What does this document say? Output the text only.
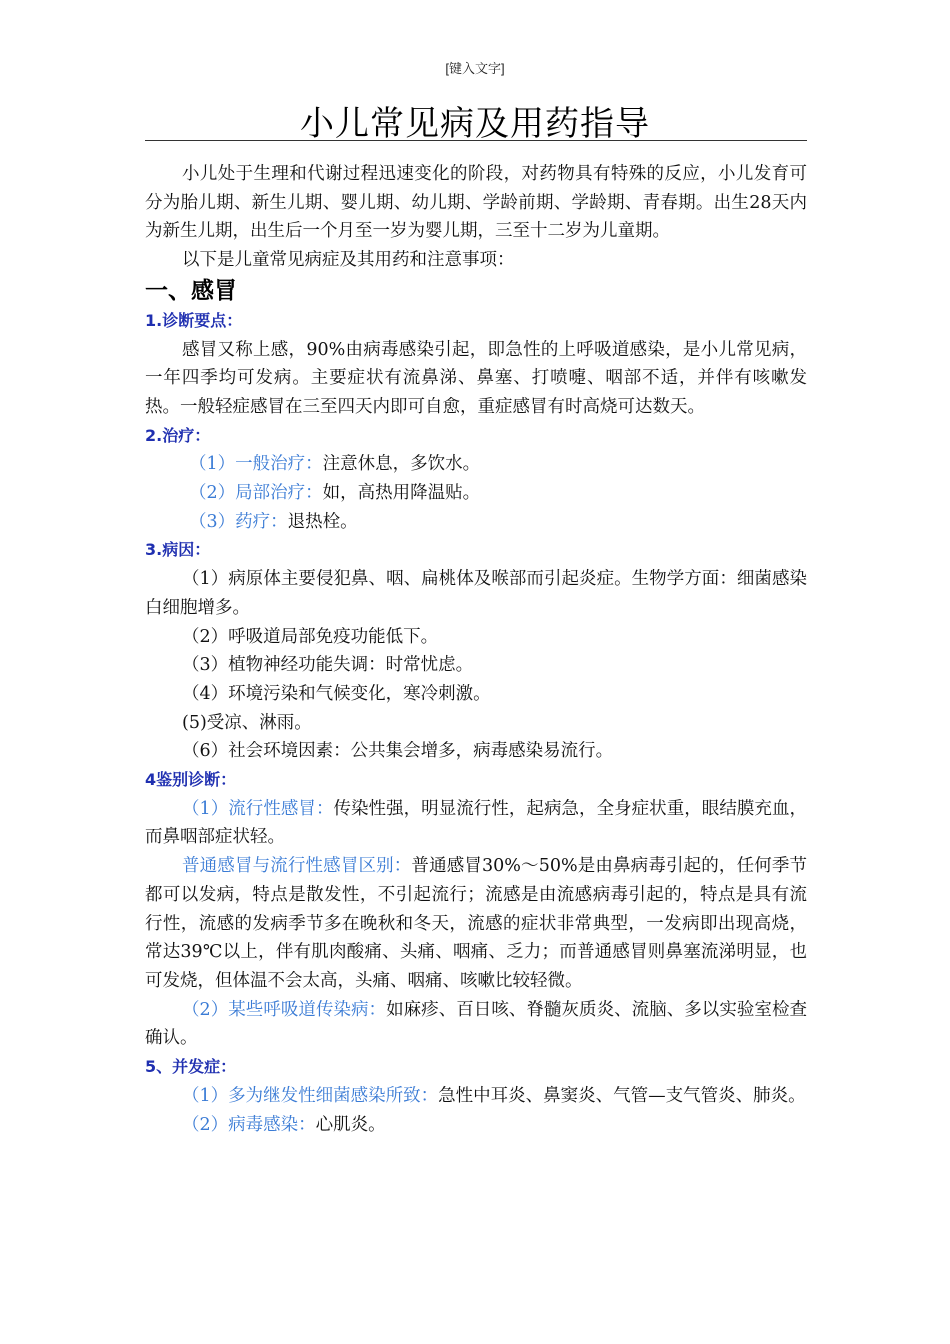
[键入文字]
小儿常见病及用药指导

小儿处于生理和代谢过程迅速变化的阶段，对药物具有特殊的反应，小儿发育可分为胎儿期、新生儿期、婴儿期、幼儿期、学龄前期、学龄期、青春期。出生28天内为新生儿期，出生后一个月至一岁为婴儿期，三至十二岁为儿童期。

以下是儿童常见病症及其用药和注意事项：

一、感冒
1.诊断要点：

感冒又称上感，90%由病毒感染引起，即急性的上呼吸道感染，是小儿常见病，一年四季均可发病。主要症状有流鼻涕、鼻塞、打喷嚏、咽部不适，并伴有咳嗽发热。一般轻症感冒在三至四天内即可自愈，重症感冒有时高烧可达数天。

2.治疗：

（1）一般治疗：注意休息，多饮水。

（2）局部治疗：如，高热用降温贴。

（3）药疗：退热栓。

3.病因：

（1）病原体主要侵犯鼻、咽、扁桃体及喉部而引起炎症。生物学方面：细菌感染白细胞增多。

（2）呼吸道局部免疫功能低下。

（3）植物神经功能失调：时常忧虑。

（4）环境污染和气候变化，寒冷刺激。

(5)受凉、淋雨。

（6）社会环境因素：公共集会增多，病毒感染易流行。

4鉴别诊断：

（1）流行性感冒：传染性强，明显流行性，起病急，全身症状重，眼结膜充血，而鼻咽部症状轻。

普通感冒与流行性感冒区别：普通感冒30%～50%是由鼻病毒引起的，任何季节都可以发病，特点是散发性，不引起流行；流感是由流感病毒引起的，特点是具有流行性，流感的发病季节多在晚秋和冬天，流感的症状非常典型，一发病即出现高烧，常达39℃以上，伴有肌肉酸痛、头痛、咽痛、乏力；而普通感冒则鼻塞流涕明显，也可发烧，但体温不会太高，头痛、咽痛、咳嗽比较轻微。

（2）某些呼吸道传染病：如麻疹、百日咳、脊髓灰质炎、流脑、多以实验室检查确认。

5、并发症：

（1）多为继发性细菌感染所致：急性中耳炎、鼻窦炎、气管—支气管炎、肺炎。

（2）病毒感染：心肌炎。
